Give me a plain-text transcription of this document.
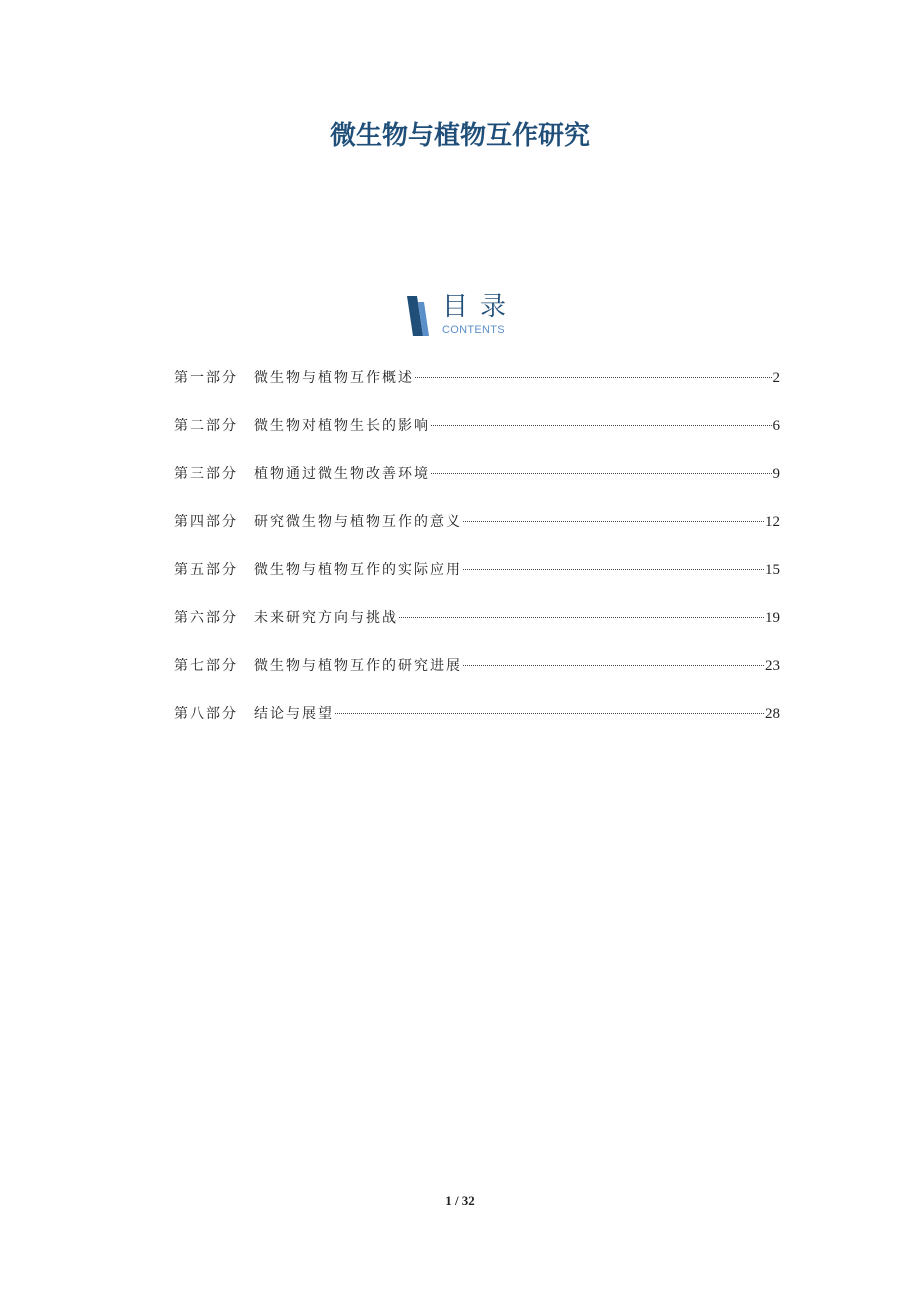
微生物与植物互作研究
目录
CONTENTS
第一部分	微生物与植物互作概述	2
第二部分	微生物对植物生长的影响	6
第三部分	植物通过微生物改善环境	9
第四部分	研究微生物与植物互作的意义	12
第五部分	微生物与植物互作的实际应用	15
第六部分	未来研究方向与挑战	19
第七部分	微生物与植物互作的研究进展	23
第八部分	结论与展望	28
1 / 32
